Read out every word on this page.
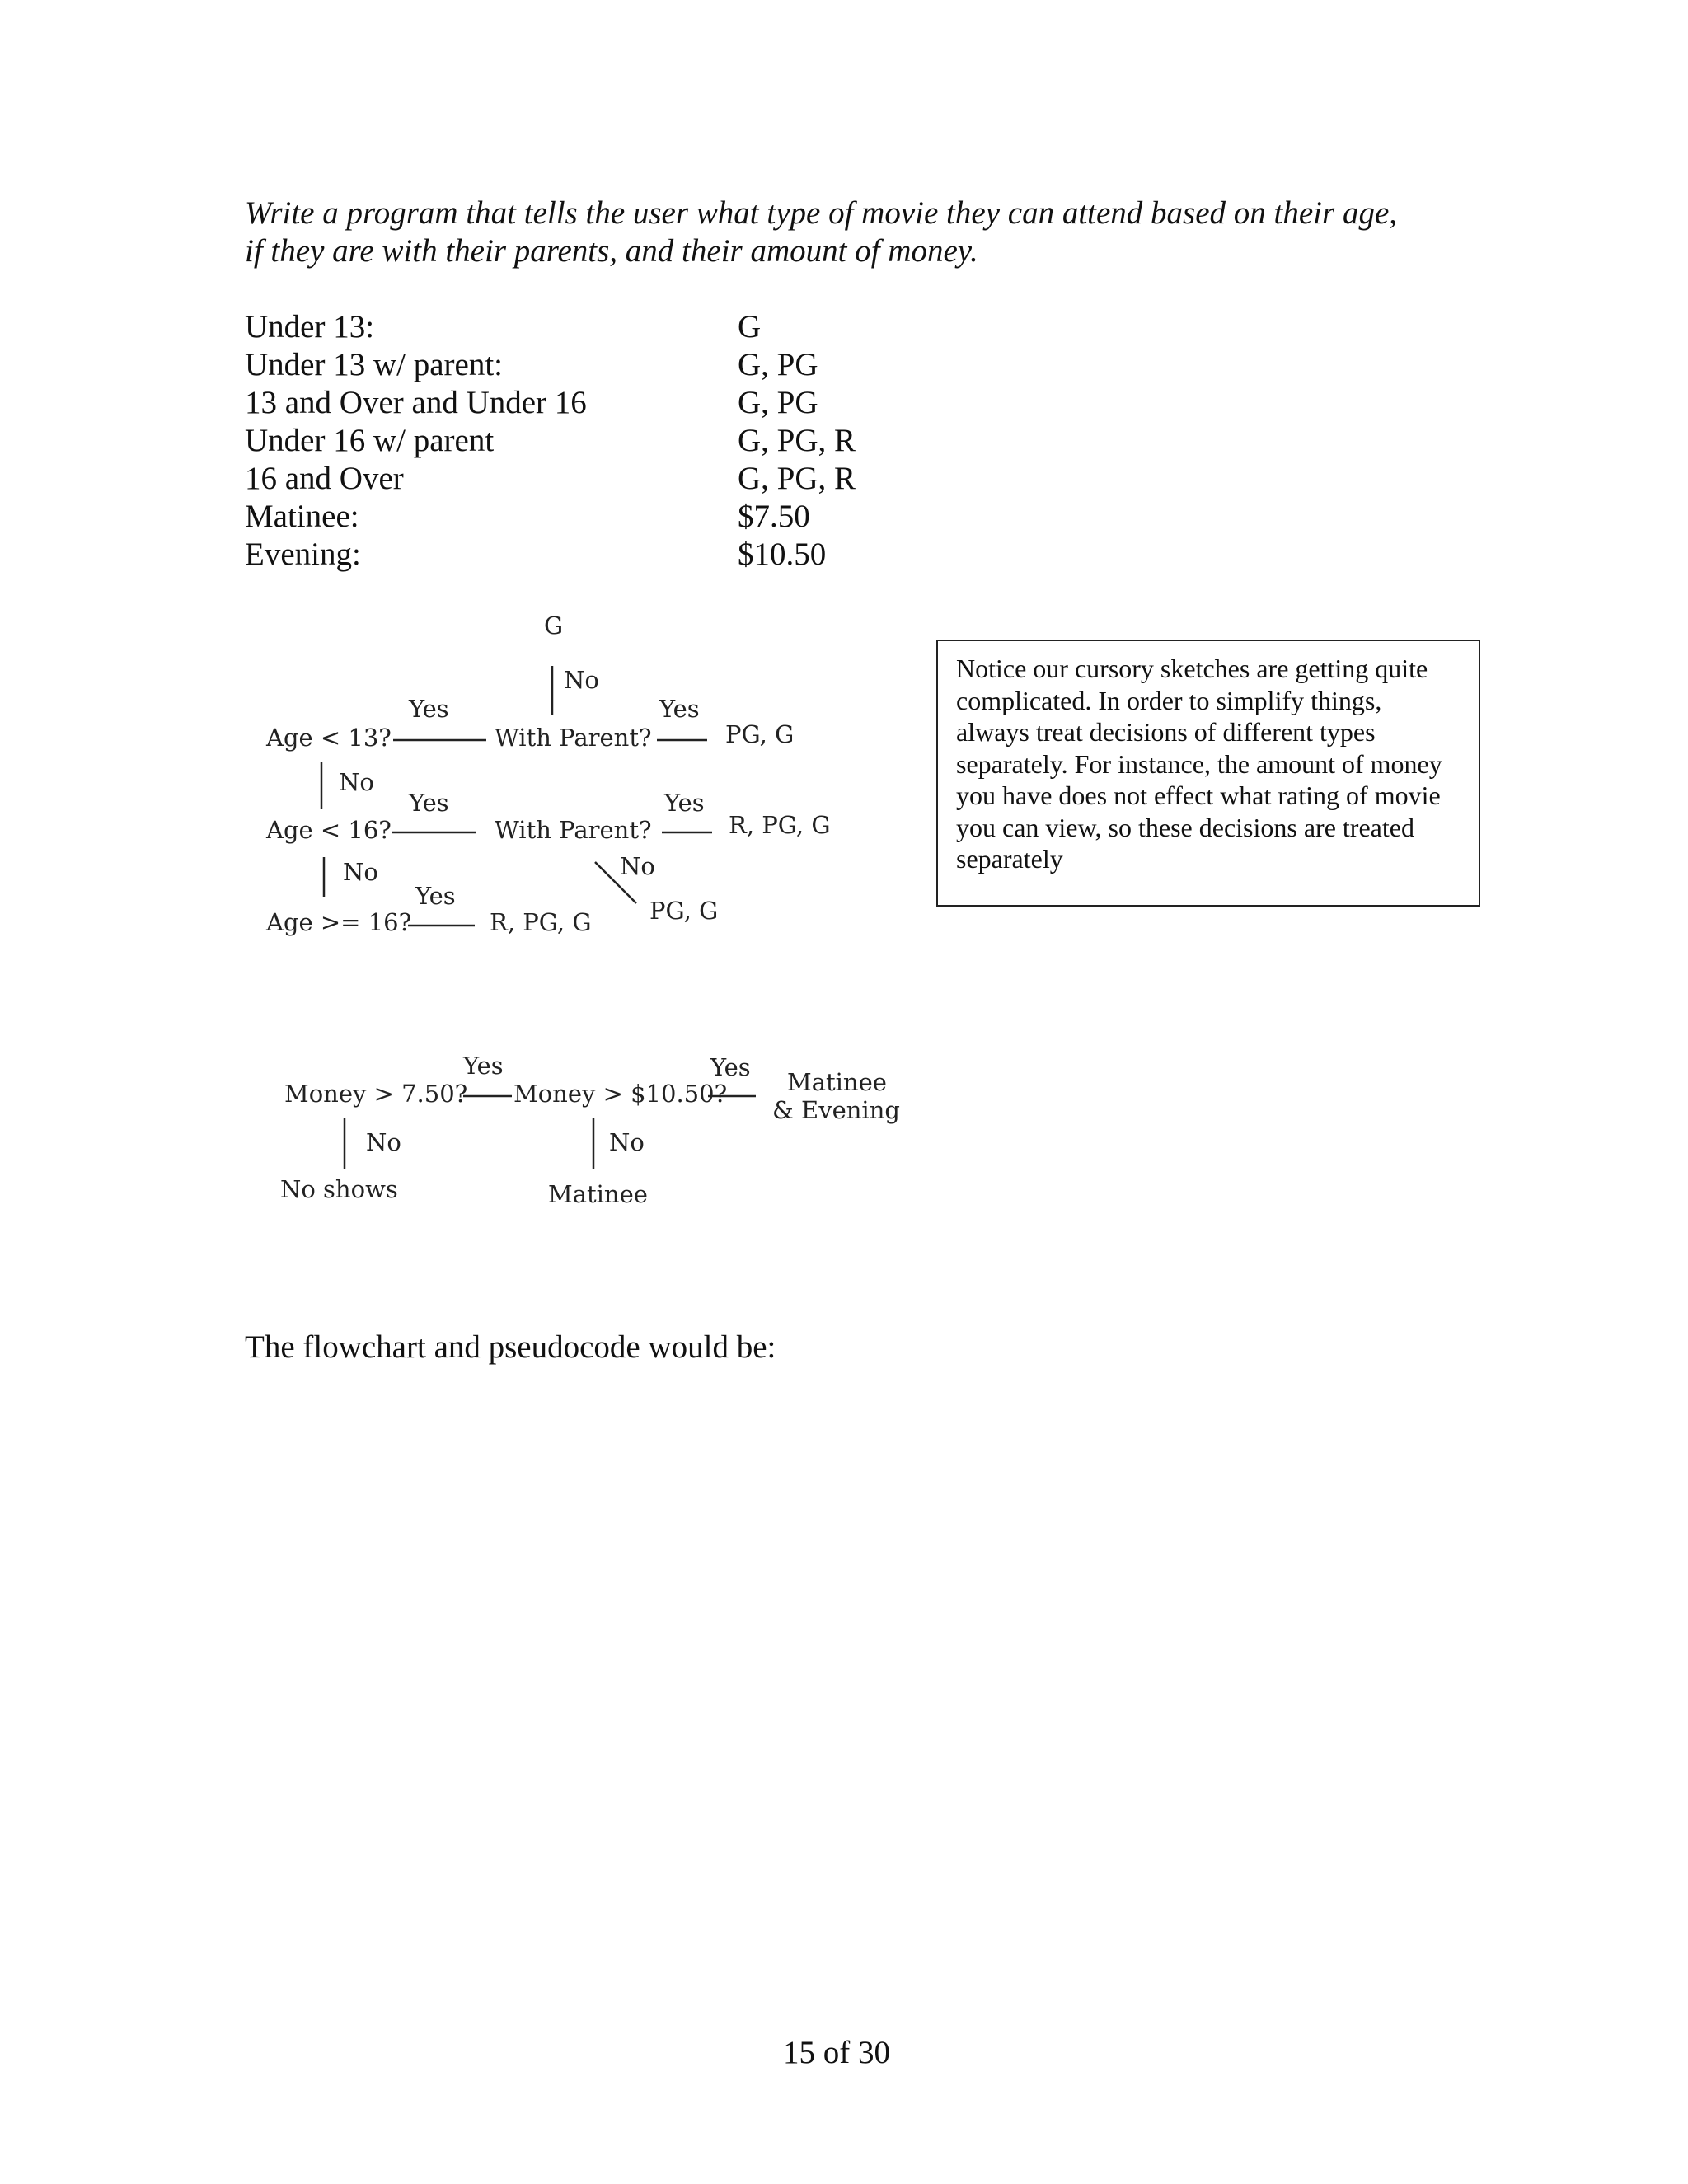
Write a program that tells the user what type of movie they can attend based on their age,
if they are with their parents, and their amount of money.
Under 13:	G
Under 13 w/ parent:	G, PG
13 and Over and Under 16	G, PG
Under 16 w/ parent	G, PG, R
16 and Over	G, PG, R
Matinee:	$7.50
Evening:	$10.50
G
No
Yes	Yes
Age < 13?	With Parent?	PG, G
No
Yes	Yes
Age < 16?	With Parent?	R, PG, G
No
No
Yes
PG, G
Age >= 16?	R, PG, G
Notice our cursory sketches are getting quite complicated. In order to simplify things, always treat decisions of different types separately. For instance, the amount of money you have does not effect what rating of movie you can view, so these decisions are treated separately
Yes	Yes
Matinee
& Evening
Money > 7.50? Money > $10.50?
No	No
No shows	Matinee
The flowchart and pseudocode would be:
15 of 30
